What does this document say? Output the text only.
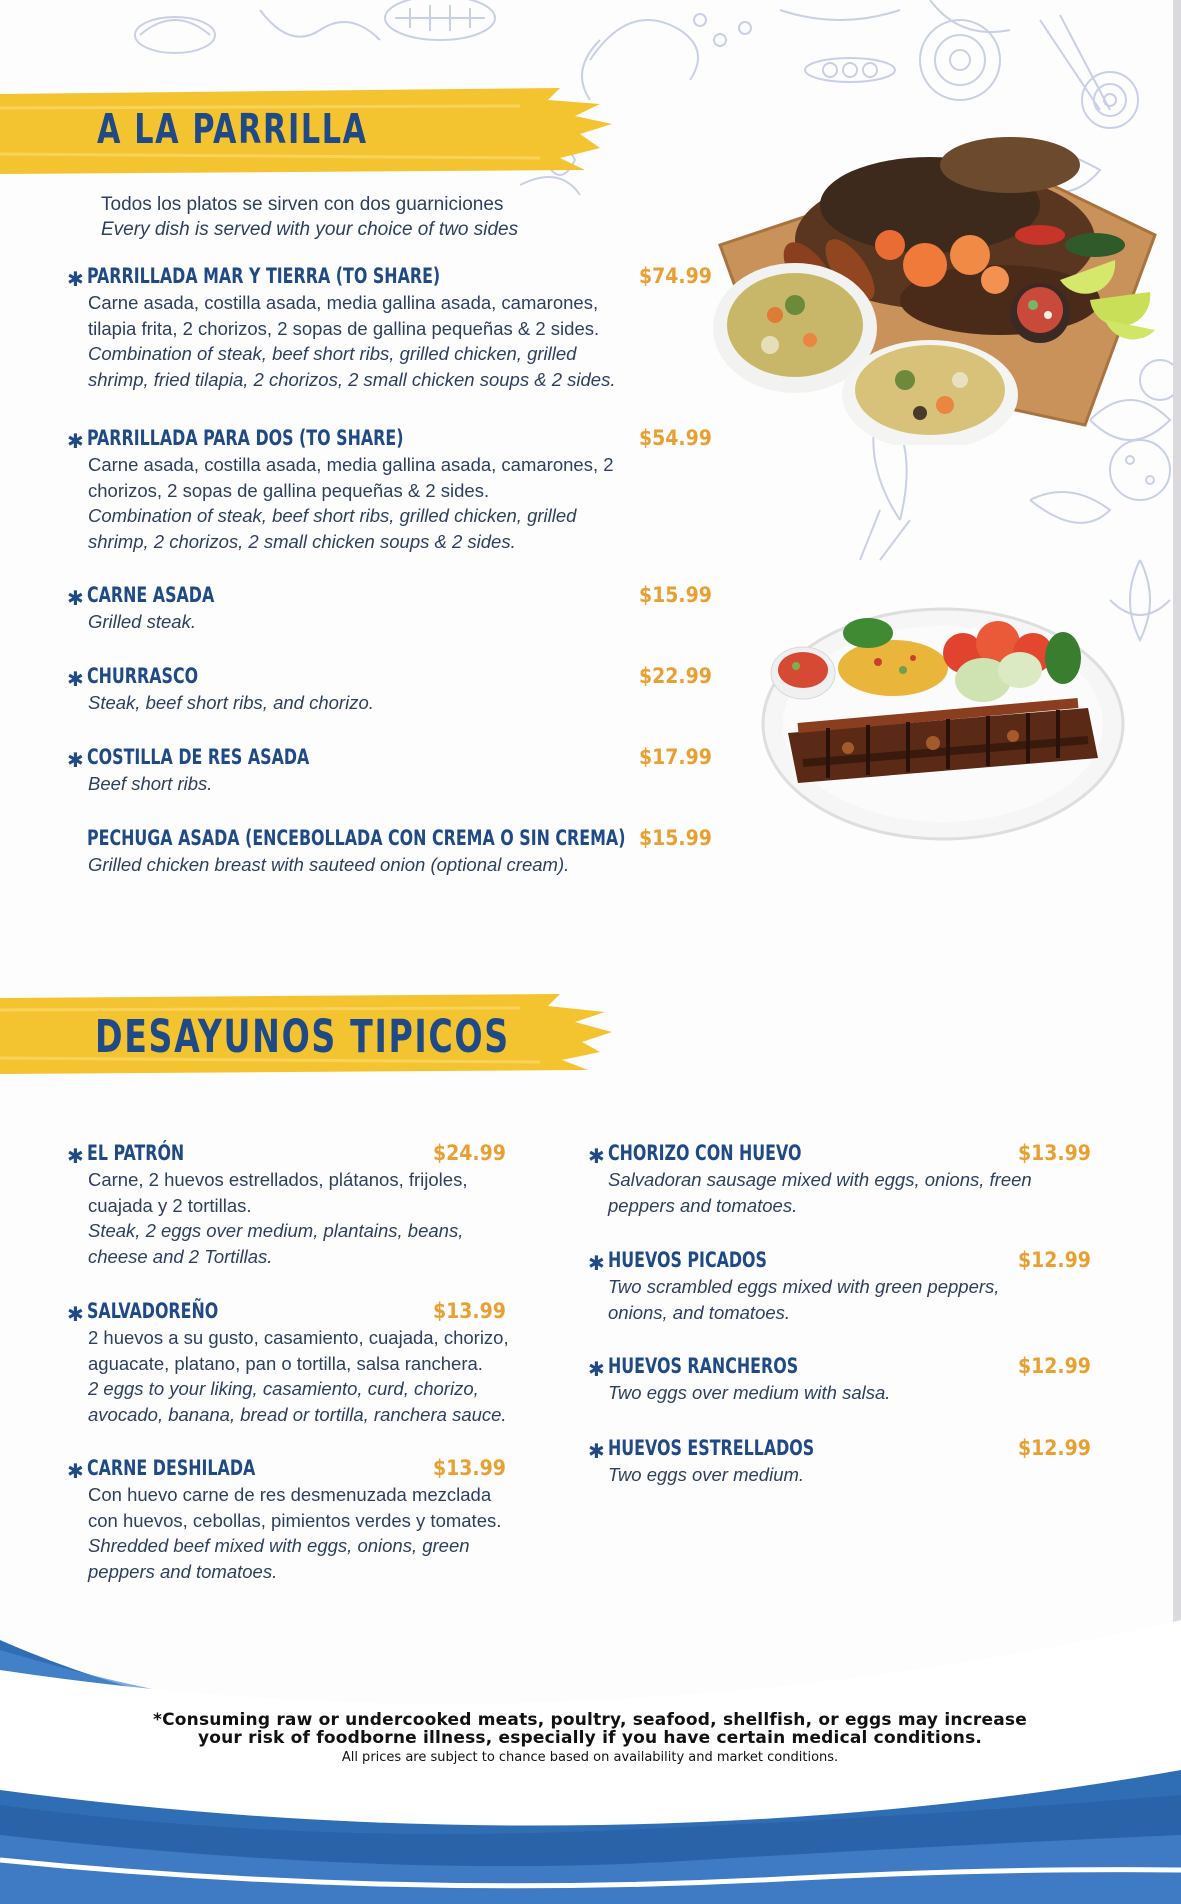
A LA PARRILLA
Todos los platos se sirven con dos guarniciones
Every dish is served with your choice of two sides
✱ PARRILLADA MAR Y TIERRA (TO SHARE)	$74.99
Carne asada, costilla asada, media gallina asada, camarones,
tilapia frita, 2 chorizos, 2 sopas de gallina pequeñas & 2 sides.
Combination of steak, beef short ribs, grilled chicken, grilled
shrimp, fried tilapia, 2 chorizos, 2 small chicken soups & 2 sides.
✱ PARRILLADA PARA DOS (TO SHARE)	$54.99
Carne asada, costilla asada, media gallina asada, camarones, 2
chorizos, 2 sopas de gallina pequeñas & 2 sides.
Combination of steak, beef short ribs, grilled chicken, grilled
shrimp, 2 chorizos, 2 small chicken soups & 2 sides.
✱ CARNE ASADA	$15.99
Grilled steak.
✱ CHURRASCO	$22.99
Steak, beef short ribs, and chorizo.
✱ COSTILLA DE RES ASADA	$17.99
Beef short ribs.
PECHUGA ASADA (ENCEBOLLADA CON CREMA O SIN CREMA) $15.99
Grilled chicken breast with sauteed onion (optional cream).
DESAYUNOS TIPICOS
✱ EL PATRÓN	$24.99
Carne, 2 huevos estrellados, plátanos, frijoles,
cuajada y 2 tortillas.
Steak, 2 eggs over medium, plantains, beans,
cheese and 2 Tortillas.
✱ SALVADOREÑO	$13.99
2 huevos a su gusto, casamiento, cuajada, chorizo,
aguacate, platano, pan o tortilla, salsa ranchera.
2 eggs to your liking, casamiento, curd, chorizo,
avocado, banana, bread or tortilla, ranchera sauce.
✱ CARNE DESHILADA	$13.99
Con huevo carne de res desmenuzada mezclada
con huevos, cebollas, pimientos verdes y tomates.
Shredded beef mixed with eggs, onions, green
peppers and tomatoes.
✱ CHORIZO CON HUEVO	$13.99
Salvadoran sausage mixed with eggs, onions, freen
peppers and tomatoes.
✱ HUEVOS PICADOS	$12.99
Two scrambled eggs mixed with green peppers,
onions, and tomatoes.
✱ HUEVOS RANCHEROS	$12.99
Two eggs over medium with salsa.
✱ HUEVOS ESTRELLADOS	$12.99
Two eggs over medium.
*Consuming raw or undercooked meats, poultry, seafood, shellfish, or eggs may increase
your risk of foodborne illness, especially if you have certain medical conditions.
All prices are subject to chance based on availability and market conditions.
